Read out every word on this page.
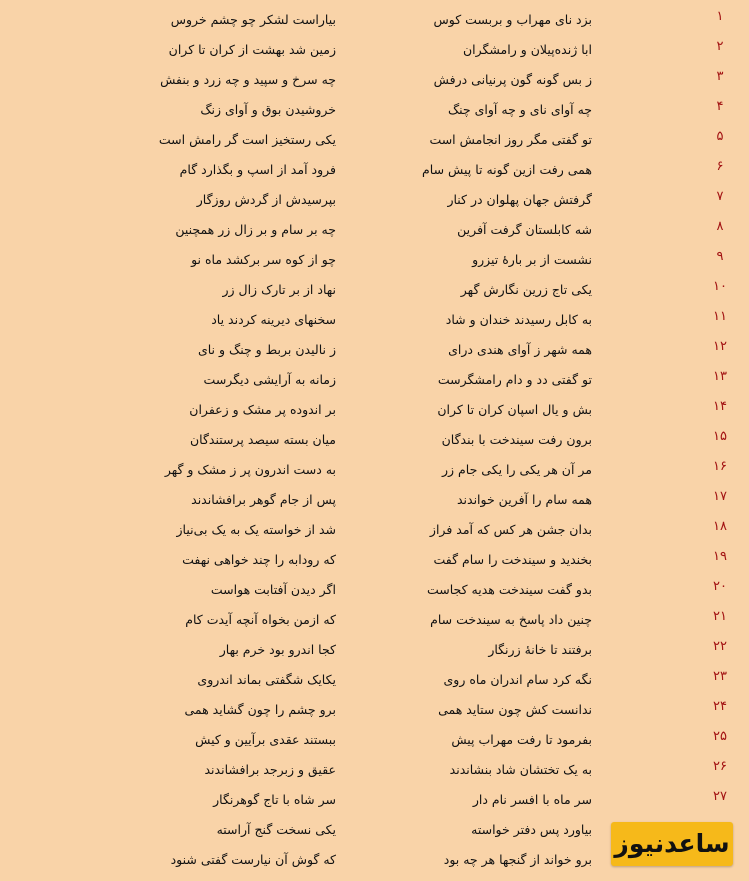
ساعدنیوز
۱
بزد نای مهراب و بربست کوس
بیاراست لشکر چو چشم خروس
۲
ابا ژنده‌پیلان و رامشگران
زمین شد بهشت از کران تا کران
۳
ز بس گونه گون پرنیانی درفش
چه سرخ و سپید و چه زرد و بنفش
۴
چه آوای نای و چه آوای چنگ
خروشیدن بوق و آوای زنگ
۵
تو گفتی مگر روز انجامش است
یکی رستخیز است گر رامش است
۶
همی رفت ازین گونه تا پیش سام
فرود آمد از اسپ و بگذارد گام
۷
گرفتش جهان پهلوان در کنار
بپرسیدش از گردش روزگار
۸
شه کابلستان گرفت آفرین
چه بر سام و بر زال زر همچنین
۹
نشست از بر بارهٔ تیزرو
چو از کوه سر برکشد ماه نو
۱۰
یکی تاج زرین نگارش گهر
نهاد از بر تارک زال زر
۱۱
به کابل رسیدند خندان و شاد
سخنهای دیرینه کردند یاد
۱۲
همه شهر ز آوای هندی درای
ز نالیدن بربط و چنگ و نای
۱۳
تو گفتی دد و دام رامشگرست
زمانه به آرایشی دیگرست
۱۴
بش و یال اسپان کران تا کران
بر اندوده پر مشک و زعفران
۱۵
برون رفت سیندخت با بندگان
میان بسته سیصد پرستندگان
۱۶
مر آن هر یکی را یکی جام زر
به دست اندرون پر ز مشک و گهر
۱۷
همه سام را آفرین خواندند
پس از جام گوهر برافشاندند
۱۸
بدان جشن هر کس که آمد فراز
شد از خواسته یک به یک بی‌نیاز
۱۹
بخندید و سیندخت را سام گفت
که رودابه را چند خواهی نهفت
۲۰
بدو گفت سیندخت هدیه کجاست
اگر دیدن آفتابت هواست
۲۱
چنین داد پاسخ به سیندخت سام
که ازمن بخواه آنچه آیدت کام
۲۲
برفتند تا خانهٔ زرنگار
کجا اندرو بود خرم بهار
۲۳
نگه کرد سام اندران ماه روی
یکایک شگفتی بماند اندروی
۲۴
ندانست کش چون ستاید همی
برو چشم را چون گشاید همی
۲۵
بفرمود تا رفت مهراب پیش
ببستند عقدی برآیین و کیش
۲۶
به یک تختشان شاد بنشاندند
عقیق و زبرجد برافشاندند
۲۷
سر ماه با افسر نام دار
سر شاه با تاج گوهرنگار
بیاورد پس دفتر خواسته
یکی نسخت گنج آراسته
برو خواند از گنجها هر چه بود
که گوش آن نیارست گفتی شنود
